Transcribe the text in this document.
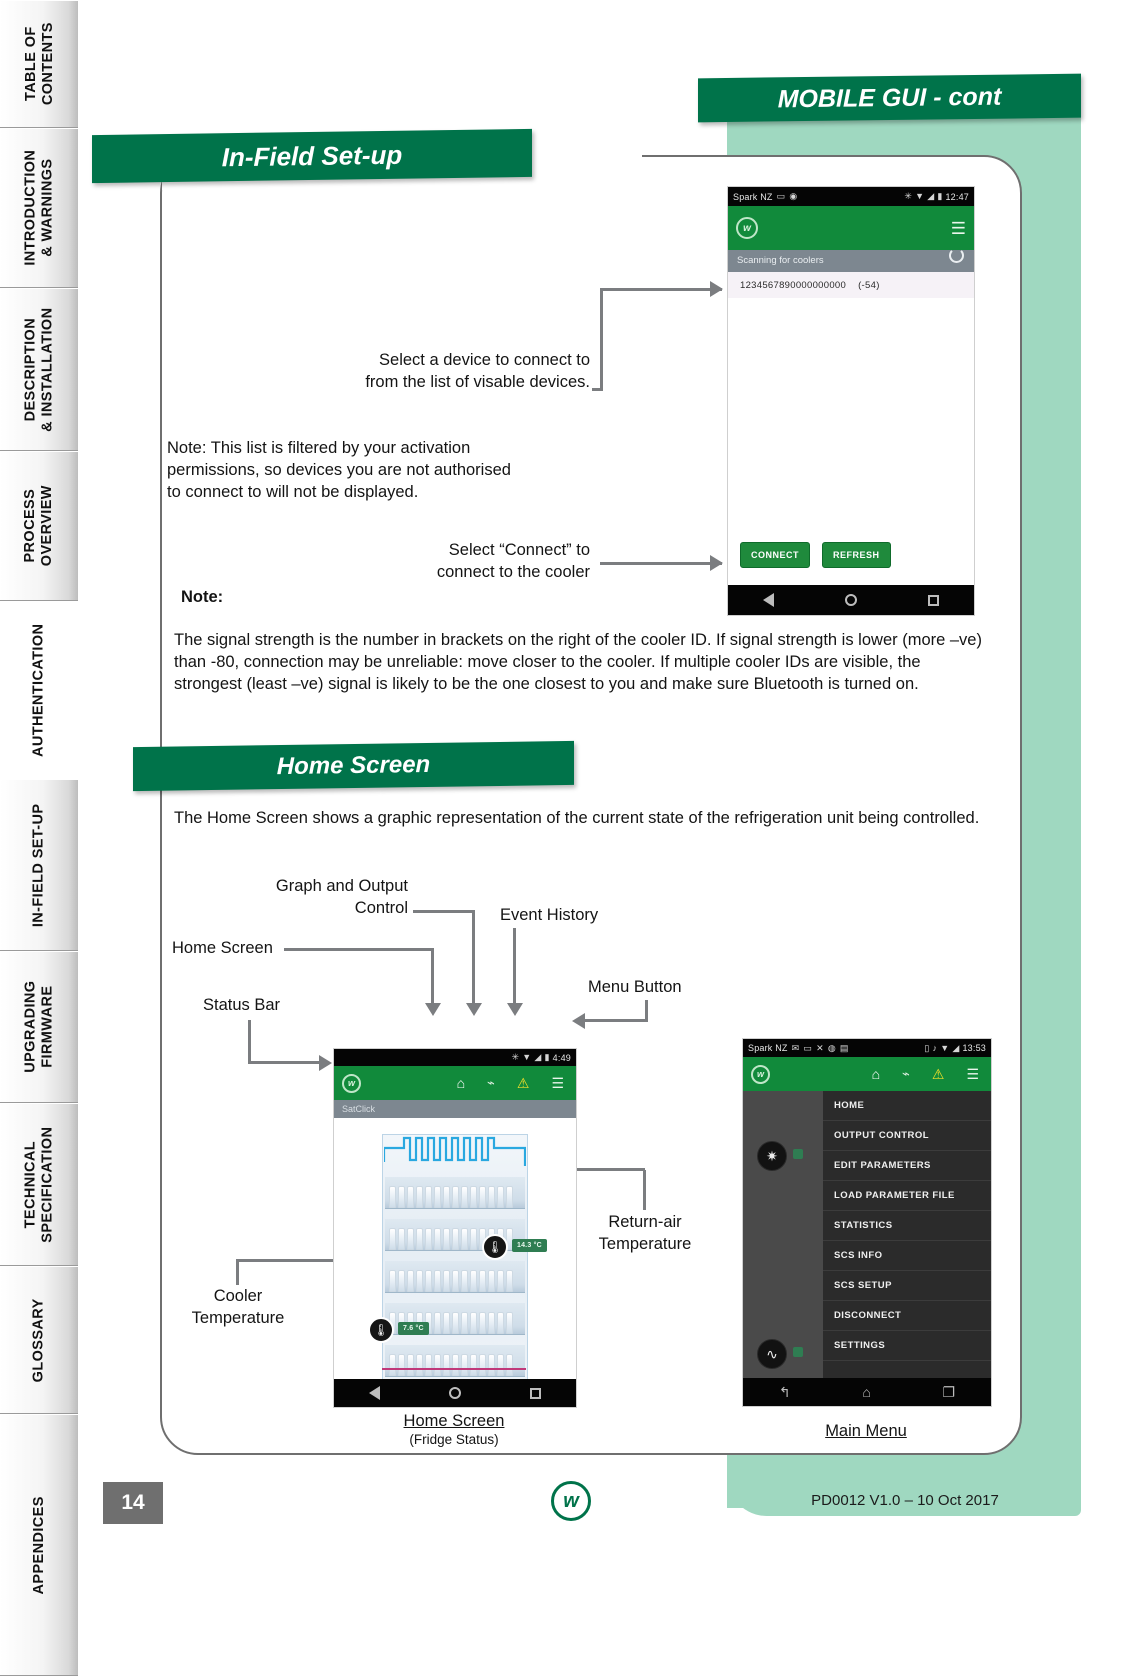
TABLE OF CONTENTS
INTRODUCTION & WARNINGS
DESCRIPTION & INSTALLATION
PROCESS OVERVIEW
AUTHENTICATION
IN-FIELD SET-UP
UPGRADING FIRMWARE
TECHNICAL SPECIFICATION
GLOSSARY
APPENDICES
MOBILE GUI - cont
In-Field Set-up
Home Screen
Select a device to connect to from the list of visable devices.
Note: This list is filtered by your activation permissions, so devices you are not authorised to connect to will not be displayed.
Select “Connect” to connect to the cooler
Note:
The signal strength is the number in brackets on the right of the cooler ID. If signal strength is lower (more –ve) than -80, connection may be unreliable: move closer to the cooler. If multiple cooler IDs are visible, the strongest (least –ve) signal is likely to be the one closest to you and make sure Bluetooth is turned on.
The Home Screen shows a graphic representation of the current state of the refrigeration unit being controlled.
Graph and Output Control	Event History
Home Screen
Status Bar
Menu Button
Return-air Temperature
Cooler Temperature
Spark NZ ▭ ◉	✳ ▼ ◢ ▮ 12:47
w	☰
Scanning for coolers
1234567890000000000 (-54)
CONNECT	REFRESH
✳ ▼ ◢ ▮ 4:49
w	⌂ ⌁ ⚠ ☰
SatClick
🌡	14.3 °C
🌡	7.6 °C
Spark NZ ✉ ▭ ✕ ◍ ▤	▯ ♪ ▼ ◢ 13:53
w	⌂ ⌁ ⚠ ☰
✷

∿

HOME
OUTPUT CONTROL
EDIT PARAMETERS
LOAD PARAMETER FILE
STATISTICS
SCS INFO
SCS SETUP
DISCONNECT
SETTINGS
↰	⌂	❐
Home Screen
(Fridge Status)	Main Menu
14	w	PD0012 V1.0 – 10 Oct 2017
